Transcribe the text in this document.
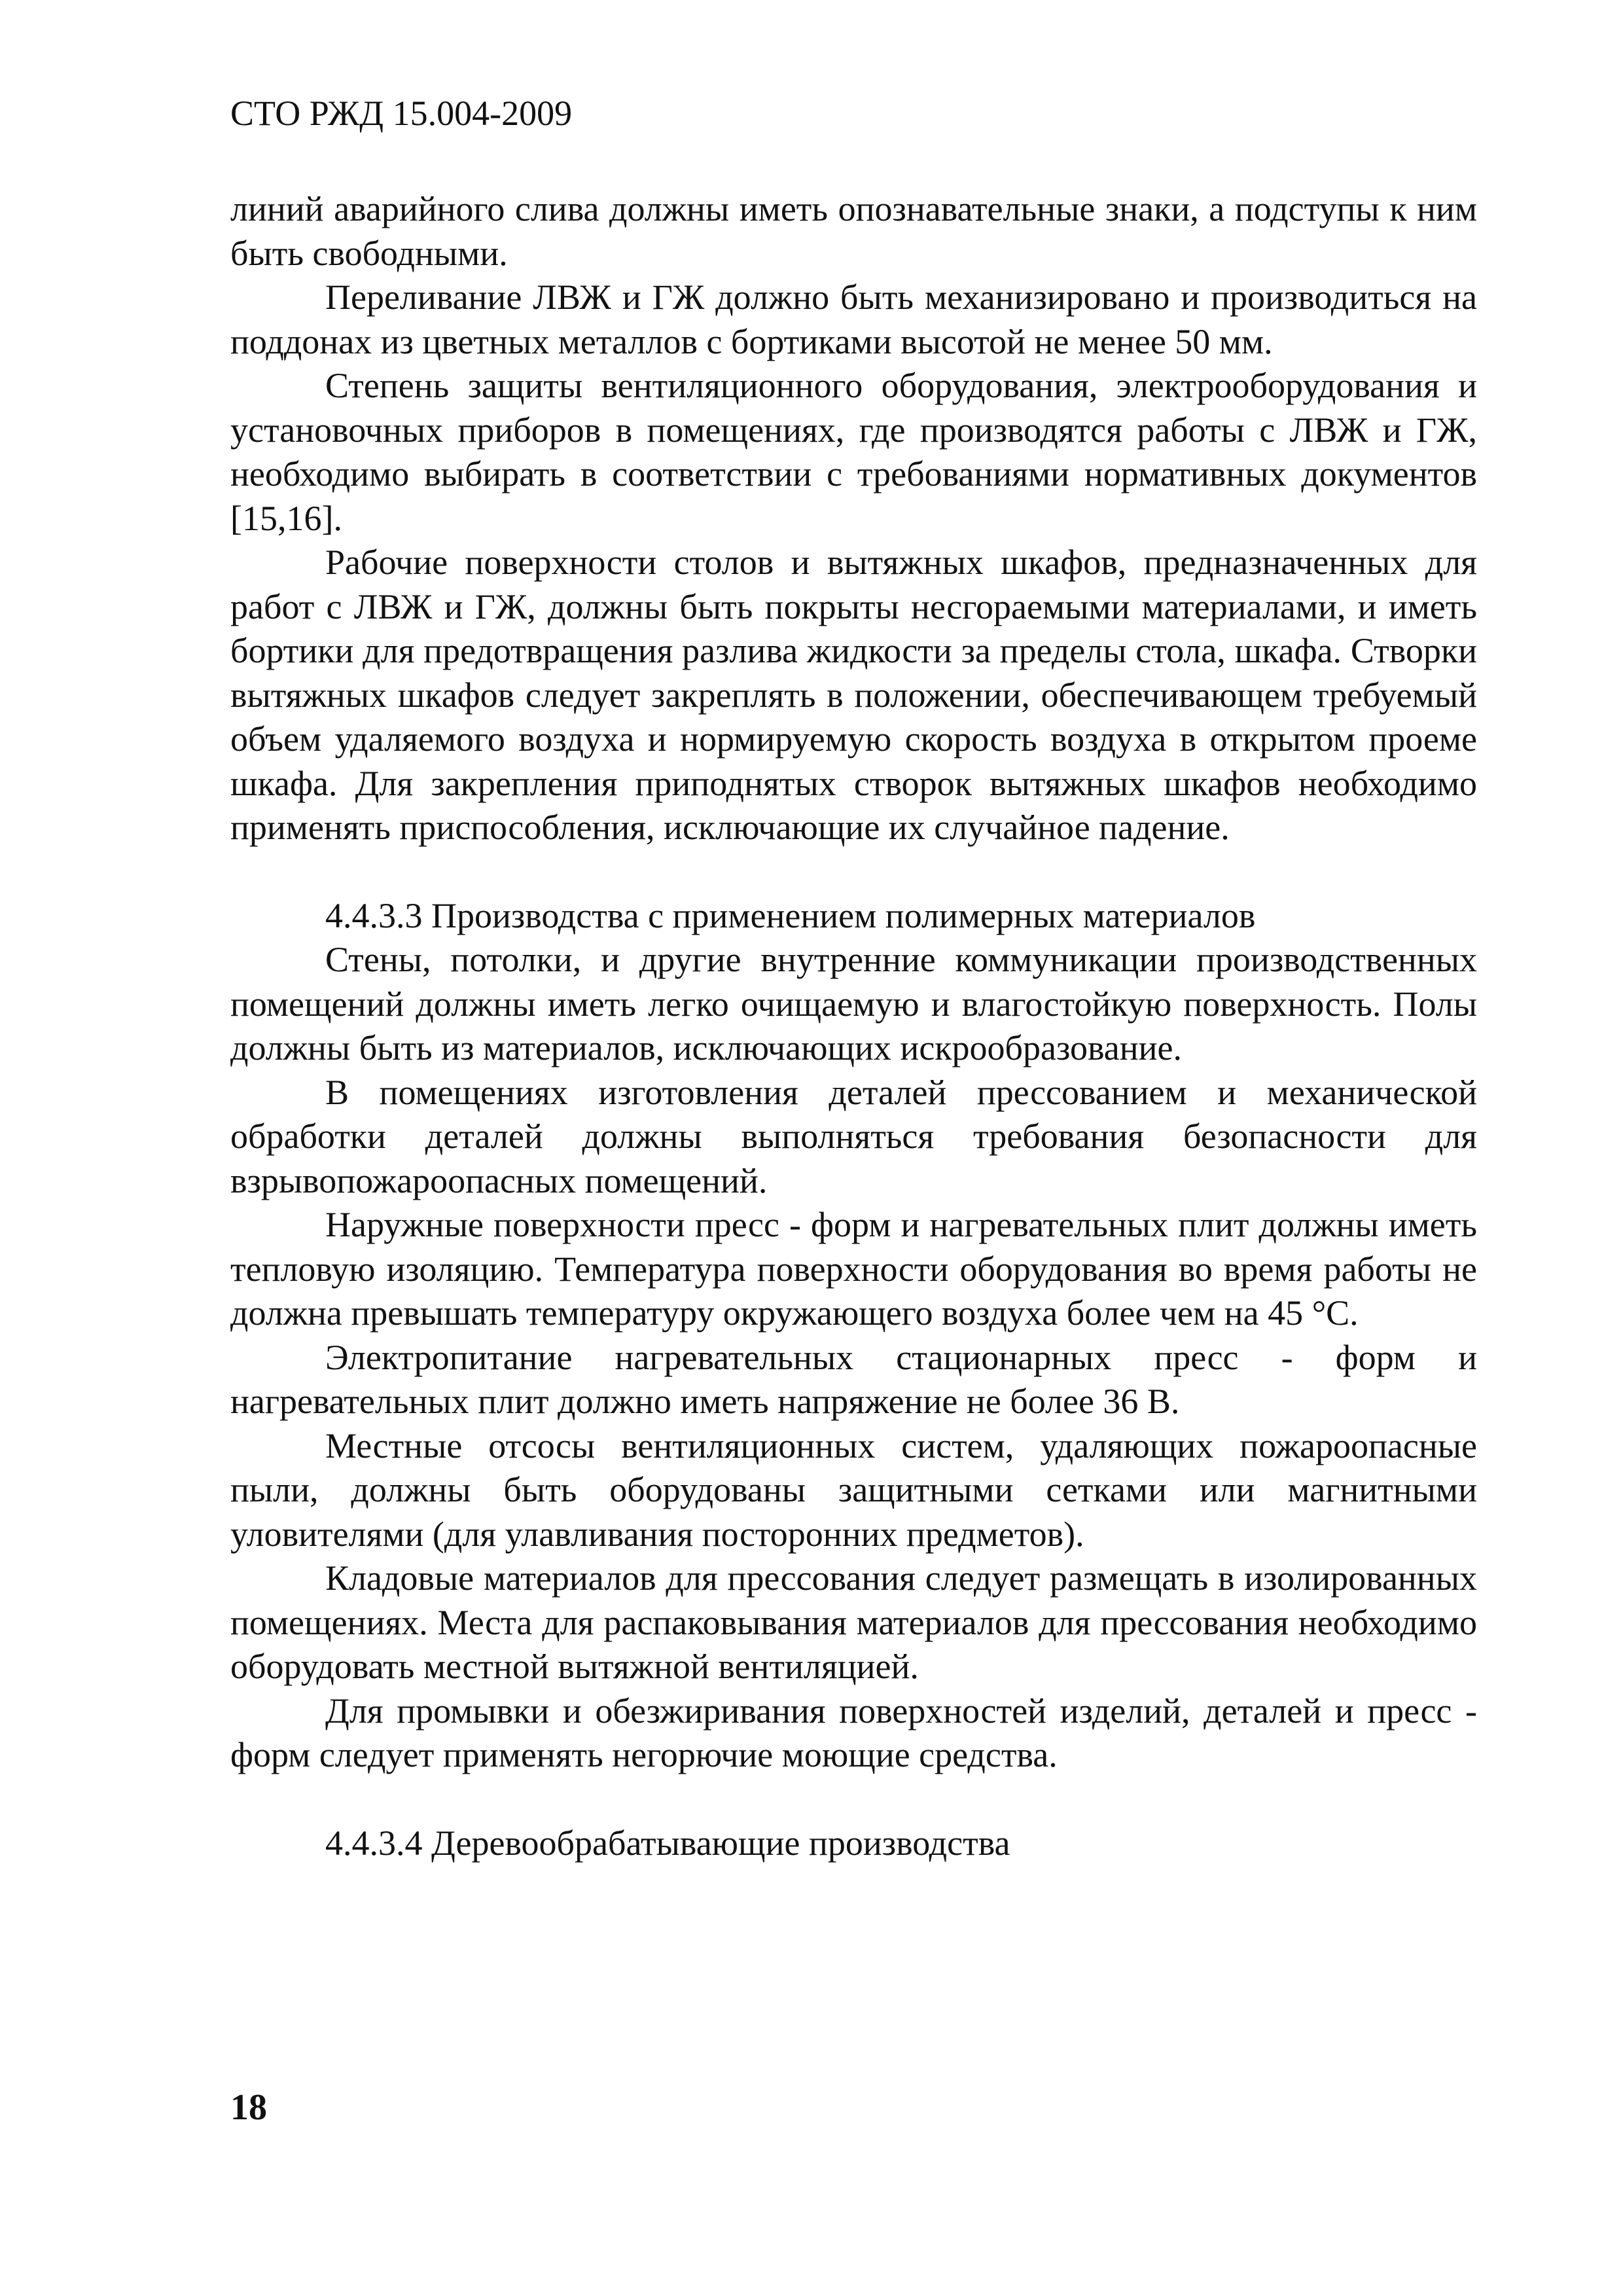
СТО РЖД 15.004-2009

линий аварийного слива должны иметь опознавательные знаки, а подступы к ним быть свободными.

Переливание ЛВЖ и ГЖ должно быть механизировано и производиться на поддонах из цветных металлов с бортиками высотой не менее 50 мм.

Степень защиты вентиляционного оборудования, электрооборудования и установочных приборов в помещениях, где производятся работы с ЛВЖ и ГЖ, необходимо выбирать в соответствии с требованиями нормативных документов [15,16].

Рабочие поверхности столов и вытяжных шкафов, предназначенных для работ с ЛВЖ и ГЖ, должны быть покрыты несгораемыми материалами, и иметь бортики для предотвращения разлива жидкости за пределы стола, шкафа. Створки вытяжных шкафов следует закреплять в положении, обеспечивающем требуемый объем удаляемого воздуха и нормируемую скорость воздуха в открытом проеме шкафа. Для закрепления приподнятых створок вытяжных шкафов необходимо применять приспособления, исключающие их случайное падение.

4.4.3.3 Производства с применением полимерных материалов

Стены, потолки, и другие внутренние коммуникации производственных помещений должны иметь легко очищаемую и влагостойкую поверхность. Полы должны быть из материалов, исключающих искрообразование.

В помещениях изготовления деталей прессованием и механической обработки деталей должны выполняться требования безопасности для взрывопожароопасных помещений.

Наружные поверхности пресс - форм и нагревательных плит должны иметь тепловую изоляцию. Температура поверхности оборудования во время работы не должна превышать температуру окружающего воздуха более чем на 45 °С.

Электропитание нагревательных стационарных пресс - форм и нагревательных плит должно иметь напряжение не более 36 В.

Местные отсосы вентиляционных систем, удаляющих пожароопасные пыли, должны быть оборудованы защитными сетками или магнитными уловителями (для улавливания посторонних предметов).

Кладовые материалов для прессования следует размещать в изолированных помещениях. Места для распаковывания материалов для прессования необходимо оборудовать местной вытяжной вентиляцией.

Для промывки и обезжиривания поверхностей изделий, деталей и пресс - форм следует применять негорючие моющие средства.

4.4.3.4 Деревообрабатывающие производства
18
